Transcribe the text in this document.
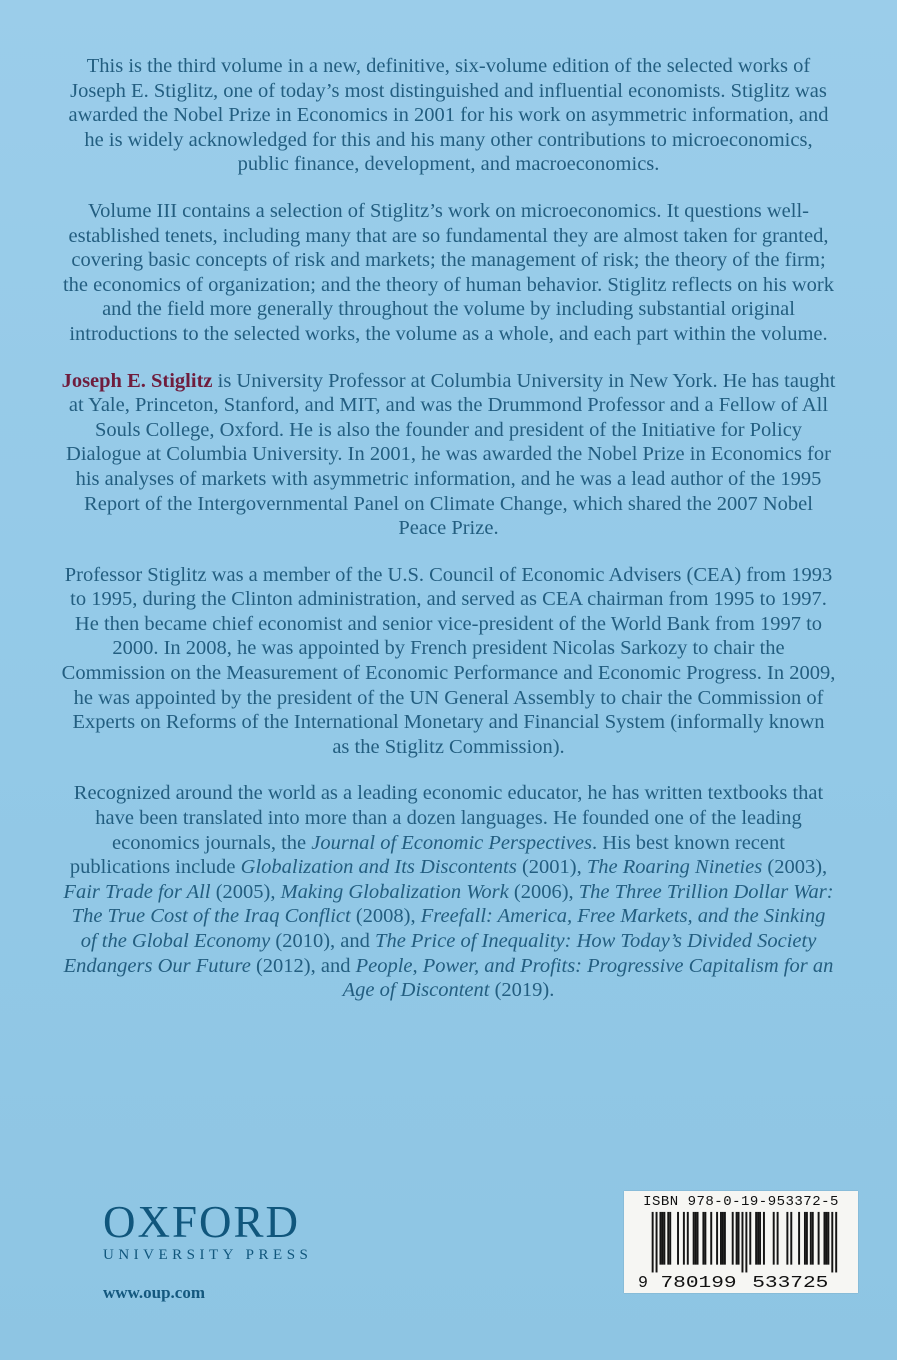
This is the third volume in a new, definitive, six-volume edition of the selected works of Joseph E. Stiglitz, one of today’s most distinguished and influential economists. Stiglitz was awarded the Nobel Prize in Economics in 2001 for his work on asymmetric information, and he is widely acknowledged for this and his many other contributions to microeconomics, public finance, development, and macroeconomics.

Volume III contains a selection of Stiglitz’s work on microeconomics. It questions well-established tenets, including many that are so fundamental they are almost taken for granted, covering basic concepts of risk and markets; the management of risk; the theory of the firm; the economics of organization; and the theory of human behavior. Stiglitz reflects on his work and the field more generally throughout the volume by including substantial original introductions to the selected works, the volume as a whole, and each part within the volume.

Joseph E. Stiglitz is University Professor at Columbia University in New York. He has taught at Yale, Princeton, Stanford, and MIT, and was the Drummond Professor and a Fellow of All Souls College, Oxford. He is also the founder and president of the Initiative for Policy Dialogue at Columbia University. In 2001, he was awarded the Nobel Prize in Economics for his analyses of markets with asymmetric information, and he was a lead author of the 1995 Report of the Intergovernmental Panel on Climate Change, which shared the 2007 Nobel Peace Prize.

Professor Stiglitz was a member of the U.S. Council of Economic Advisers (CEA) from 1993 to 1995, during the Clinton administration, and served as CEA chairman from 1995 to 1997. He then became chief economist and senior vice-president of the World Bank from 1997 to 2000. In 2008, he was appointed by French president Nicolas Sarkozy to chair the Commission on the Measurement of Economic Performance and Economic Progress. In 2009, he was appointed by the president of the UN General Assembly to chair the Commission of Experts on Reforms of the International Monetary and Financial System (informally known as the Stiglitz Commission).

Recognized around the world as a leading economic educator, he has written textbooks that have been translated into more than a dozen languages. He founded one of the leading economics journals, the Journal of Economic Perspectives. His best known recent publications include Globalization and Its Discontents (2001), The Roaring Nineties (2003), Fair Trade for All (2005), Making Globalization Work (2006), The Three Trillion Dollar War: The True Cost of the Iraq Conflict (2008), Freefall: America, Free Markets, and the Sinking of the Global Economy (2010), and The Price of Inequality: How Today’s Divided Society Endangers Our Future (2012), and People, Power, and Profits: Progressive Capitalism for an Age of Discontent (2019).

OXFORD
UNIVERSITY PRESS
www.oup.com
ISBN 978-0-19-953372-5
9 780199 533725
